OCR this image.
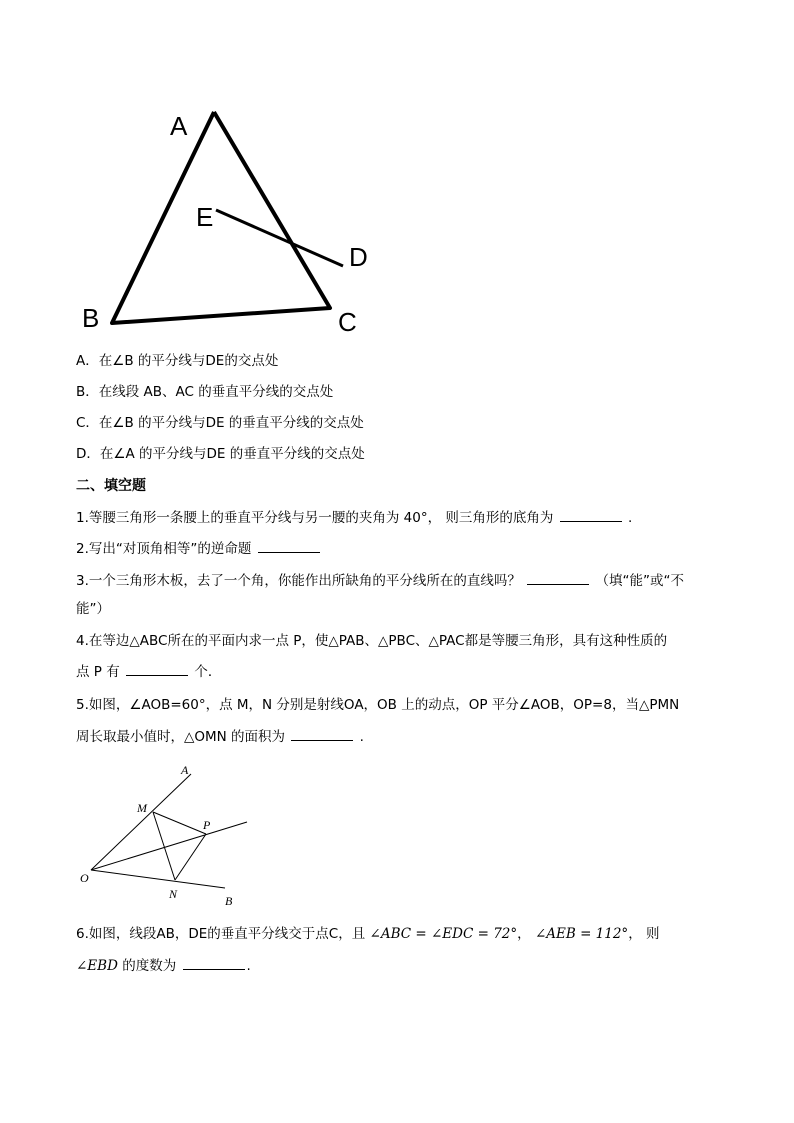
A
E
D
B	C
A．在∠B 的平分线与DE的交点处
B．在线段 AB、AC 的垂直平分线的交点处
C．在∠B 的平分线与DE 的垂直平分线的交点处
D．在∠A 的平分线与DE 的垂直平分线的交点处
二、填空题
1.等腰三角形一条腰上的垂直平分线与另一腰的夹角为 40°， 则三角形的底角为	.
2.写出“对顶角相等”的逆命题
3.一个三角形木板，去了一个角，你能作出所缺角的平分线所在的直线吗？	（填“能”或“不
能”）
4.在等边△ABC所在的平面内求一点 P，使△PAB、△PBC、△PAC都是等腰三角形，具有这种性质的
点 P 有	个．
5.如图，∠AOB=60°，点 M，N 分别是射线OA，OB 上的动点，OP 平分∠AOB，OP=8，当△PMN
周长取最小值时，△OMN 的面积为	.
A
M
P
O
N	B
6.如图，线段AB，DE的垂直平分线交于点C，且 ∠ABC = ∠EDC = 72°， ∠AEB = 112°， 则
∠EBD 的度数为	.
